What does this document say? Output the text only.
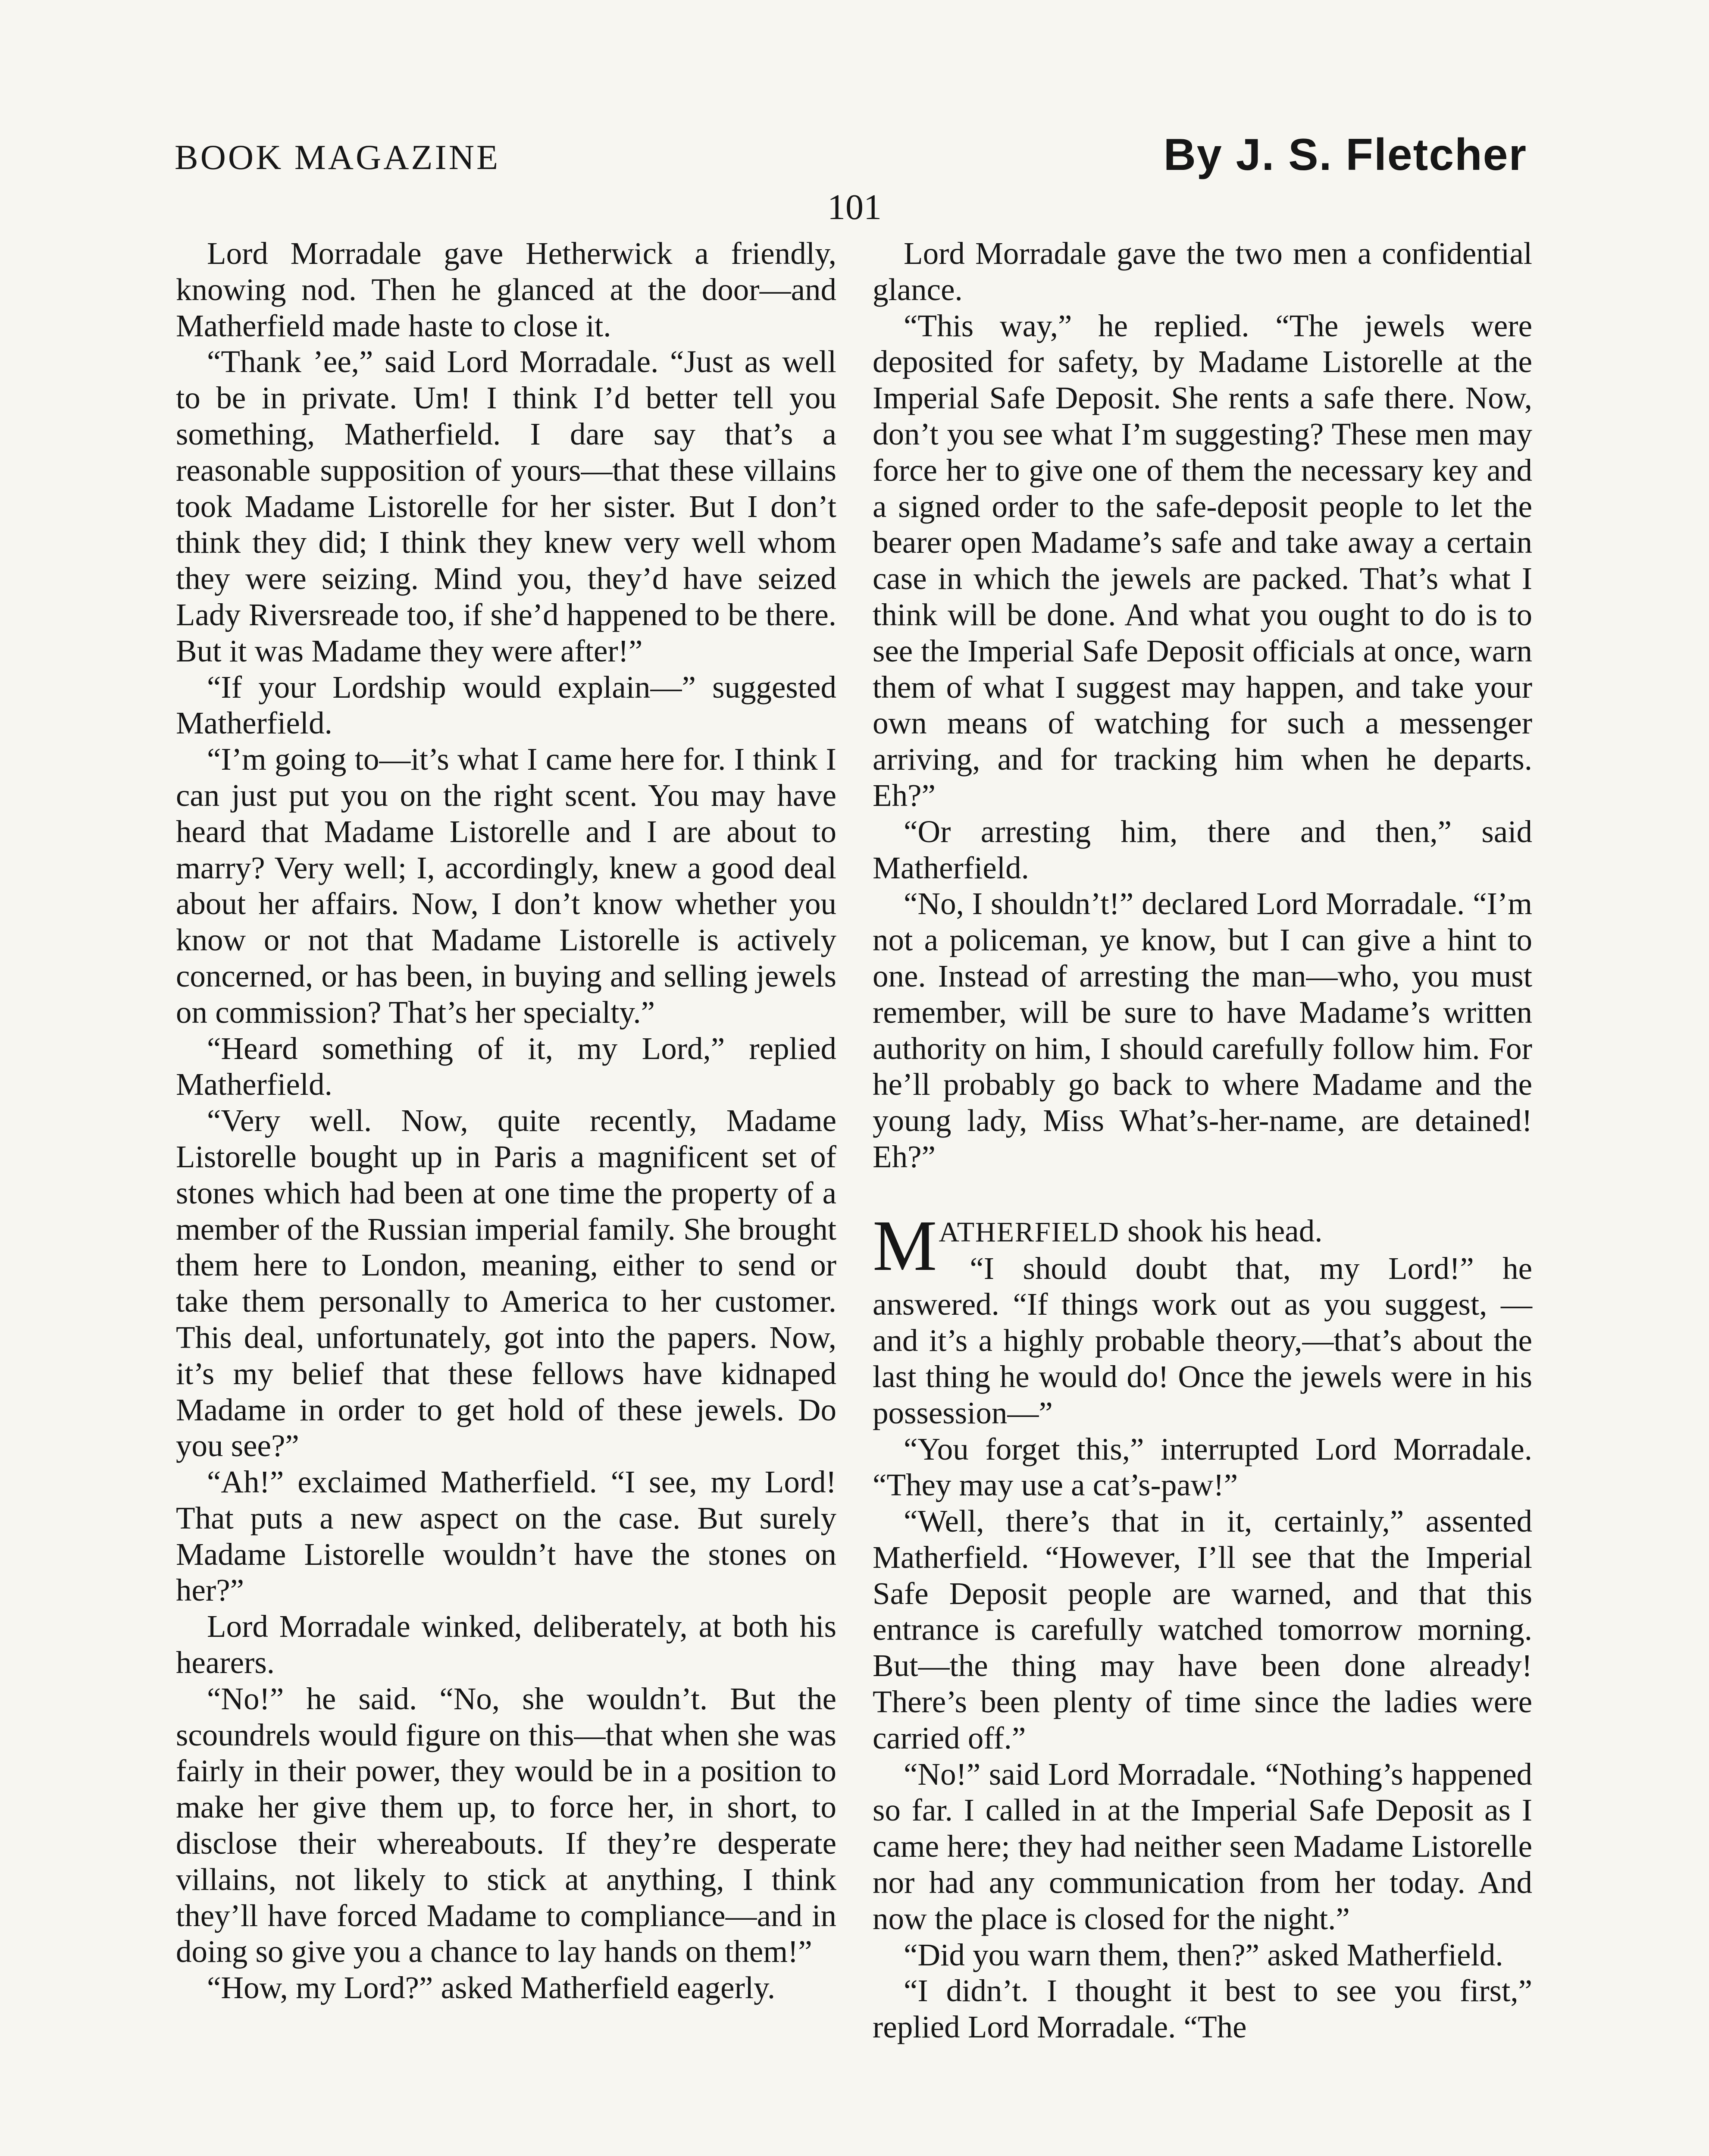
BOOK MAGAZINE	By J. S. Fletcher
101

Lord Morradale gave Hetherwick a friendly, knowing nod. Then he glanced at the door—and Matherfield made haste to close it.

“Thank ’ee,” said Lord Morradale. “Just as well to be in private. Um! I think I’d better tell you something, Matherfield. I dare say that’s a reasonable supposition of yours—that these villains took Madame Listorelle for her sister. But I don’t think they did; I think they knew very well whom they were seizing. Mind you, they’d have seized Lady Riversreade too, if she’d happened to be there. But it was Madame they were after!”

“If your Lordship would explain—” suggested Matherfield.

“I’m going to—it’s what I came here for. I think I can just put you on the right scent. You may have heard that Madame Listorelle and I are about to marry? Very well; I, accordingly, knew a good deal about her affairs. Now, I don’t know whether you know or not that Madame Listorelle is actively concerned, or has been, in buying and selling jewels on commission? That’s her specialty.”

“Heard something of it, my Lord,” replied Matherfield.

“Very well. Now, quite recently, Madame Listorelle bought up in Paris a magnificent set of stones which had been at one time the property of a member of the Russian imperial family. She brought them here to London, meaning, either to send or take them personally to America to her customer. This deal, unfortunately, got into the papers. Now, it’s my belief that these fellows have kidnaped Madame in order to get hold of these jewels. Do you see?”

“Ah!” exclaimed Matherfield. “I see, my Lord! That puts a new aspect on the case. But surely Madame Listorelle wouldn’t have the stones on her?”

Lord Morradale winked, deliberately, at both his hearers.

“No!” he said. “No, she wouldn’t. But the scoundrels would figure on this—that when she was fairly in their power, they would be in a position to make her give them up, to force her, in short, to disclose their whereabouts. If they’re desperate villains, not likely to stick at anything, I think they’ll have forced Madame to compliance—and in doing so give you a chance to lay hands on them!”

“How, my Lord?” asked Matherfield eagerly.

Lord Morradale gave the two men a confidential glance.

“This way,” he replied. “The jewels were deposited for safety, by Madame Listorelle at the Imperial Safe Deposit. She rents a safe there. Now, don’t you see what I’m suggesting? These men may force her to give one of them the necessary key and a signed order to the safe-deposit people to let the bearer open Madame’s safe and take away a certain case in which the jewels are packed. That’s what I think will be done. And what you ought to do is to see the Imperial Safe Deposit officials at once, warn them of what I suggest may happen, and take your own means of watching for such a messenger arriving, and for tracking him when he departs. Eh?”

“Or arresting him, there and then,” said Matherfield.

“No, I shouldn’t!” declared Lord Morradale. “I’m not a policeman, ye know, but I can give a hint to one. Instead of arresting the man—who, you must remember, will be sure to have Madame’s written authority on him, I should carefully follow him. For he’ll probably go back to where Madame and the young lady, Miss What’s-her-name, are detained! Eh?”

MATHERFIELD shook his head.

“I should doubt that, my Lord!” he answered. “If things work out as you suggest, — and it’s a highly probable theory,—that’s about the last thing he would do! Once the jewels were in his possession—”

“You forget this,” interrupted Lord Morradale. “They may use a cat’s-paw!”

“Well, there’s that in it, certainly,” assented Matherfield. “However, I’ll see that the Imperial Safe Deposit people are warned, and that this entrance is carefully watched tomorrow morning. But—the thing may have been done already! There’s been plenty of time since the ladies were carried off.”

“No!” said Lord Morradale. “Nothing’s happened so far. I called in at the Imperial Safe Deposit as I came here; they had neither seen Madame Listorelle nor had any communication from her today. And now the place is closed for the night.”

“Did you warn them, then?” asked Matherfield.

“I didn’t. I thought it best to see you first,” replied Lord Morradale. “The
